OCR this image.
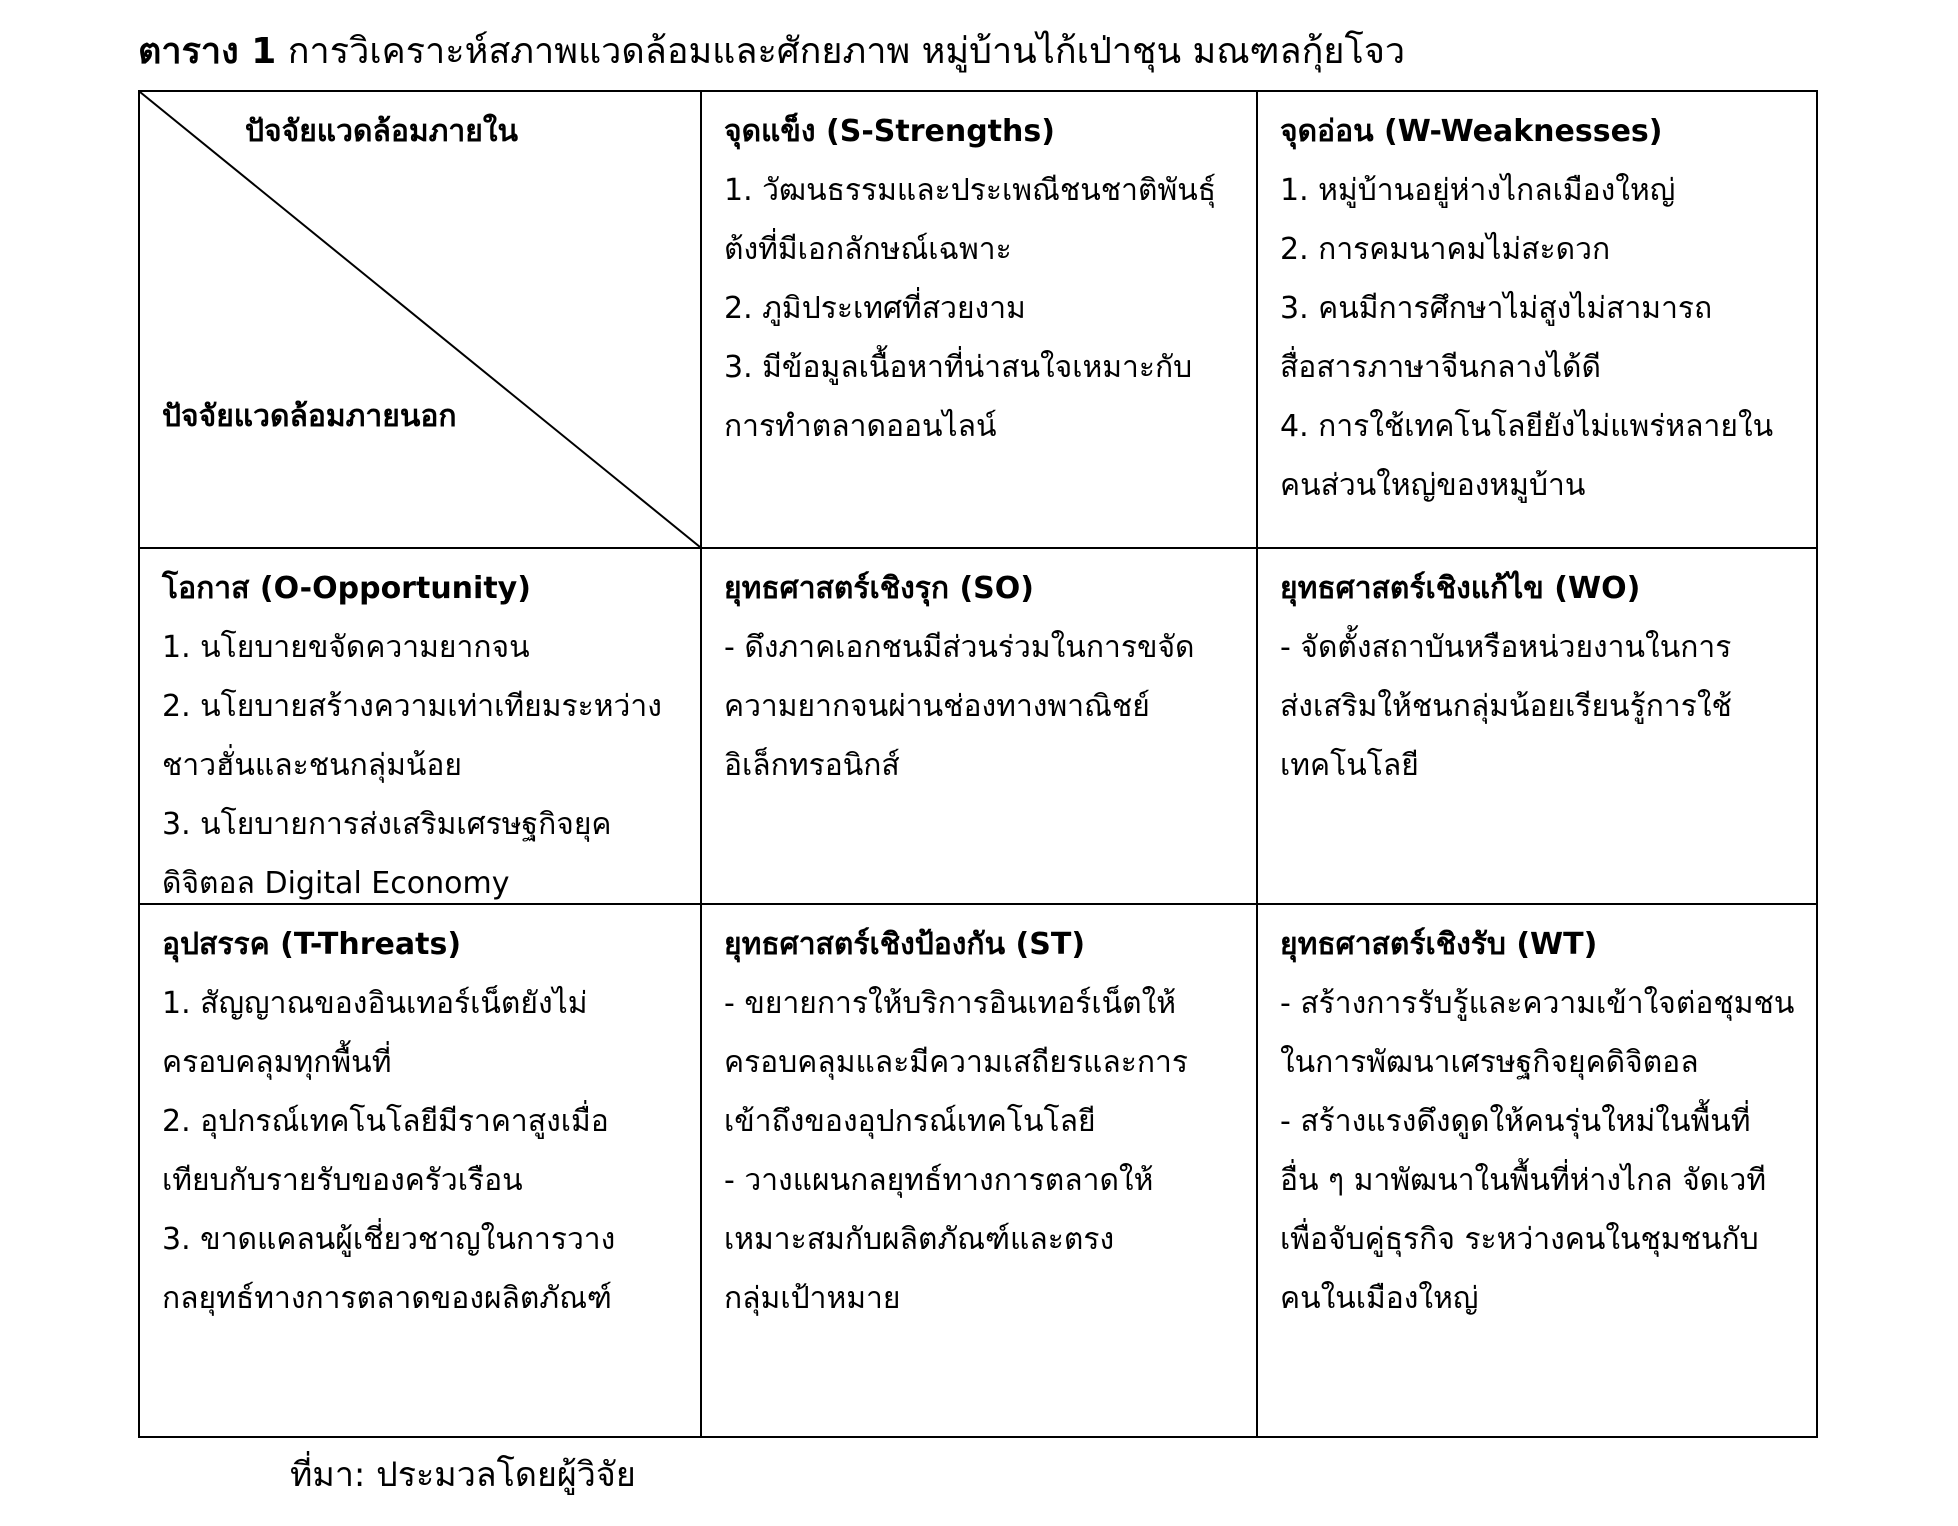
ตาราง 1 การวิเคราะห์สภาพแวดล้อมและศักยภาพ หมู่บ้านไก้เป่าชุน มณฑลกุ้ยโจว
ปัจจัยแวดล้อมภายใน
ปัจจัยแวดล้อมภายนอก
จุดแข็ง (S-Strengths)
1. วัฒนธรรมและประเพณีชนชาติพันธุ์
ต้งที่มีเอกลักษณ์เฉพาะ
2. ภูมิประเทศที่สวยงาม
3. มีข้อมูลเนื้อหาที่น่าสนใจเหมาะกับ
การทำตลาดออนไลน์
จุดอ่อน (W-Weaknesses)
1. หมู่บ้านอยู่ห่างไกลเมืองใหญ่
2. การคมนาคมไม่สะดวก
3. คนมีการศึกษาไม่สูงไม่สามารถ
สื่อสารภาษาจีนกลางได้ดี
4. การใช้เทคโนโลยียังไม่แพร่หลายใน
คนส่วนใหญ่ของหมูบ้าน
โอกาส (O-Opportunity)
1. นโยบายขจัดความยากจน
2. นโยบายสร้างความเท่าเทียมระหว่าง
ชาวฮั่นและชนกลุ่มน้อย
3. นโยบายการส่งเสริมเศรษฐกิจยุค
ดิจิตอล Digital Economy
ยุทธศาสตร์เชิงรุก (SO)
- ดึงภาคเอกชนมีส่วนร่วมในการขจัด
ความยากจนผ่านช่องทางพาณิชย์
อิเล็กทรอนิกส์
ยุทธศาสตร์เชิงแก้ไข (WO)
- จัดตั้งสถาบันหรือหน่วยงานในการ
ส่งเสริมให้ชนกลุ่มน้อยเรียนรู้การใช้
เทคโนโลยี
อุปสรรค (T-Threats)
1. สัญญาณของอินเทอร์เน็ตยังไม่
ครอบคลุมทุกพื้นที่
2. อุปกรณ์เทคโนโลยีมีราคาสูงเมื่อ
เทียบกับรายรับของครัวเรือน
3. ขาดแคลนผู้เชี่ยวชาญในการวาง
กลยุทธ์ทางการตลาดของผลิตภัณฑ์
ยุทธศาสตร์เชิงป้องกัน (ST)
- ขยายการให้บริการอินเทอร์เน็ตให้
ครอบคลุมและมีความเสถียรและการ
เข้าถึงของอุปกรณ์เทคโนโลยี
- วางแผนกลยุทธ์ทางการตลาดให้
เหมาะสมกับผลิตภัณฑ์และตรง
กลุ่มเป้าหมาย
ยุทธศาสตร์เชิงรับ (WT)
- สร้างการรับรู้และความเข้าใจต่อชุมชน
ในการพัฒนาเศรษฐกิจยุคดิจิตอล
- สร้างแรงดึงดูดให้คนรุ่นใหม่ในพื้นที่
อื่น ๆ มาพัฒนาในพื้นที่ห่างไกล จัดเวที
เพื่อจับคู่ธุรกิจ ระหว่างคนในชุมชนกับ
คนในเมืองใหญ่
ที่มา: ประมวลโดยผู้วิจัย
